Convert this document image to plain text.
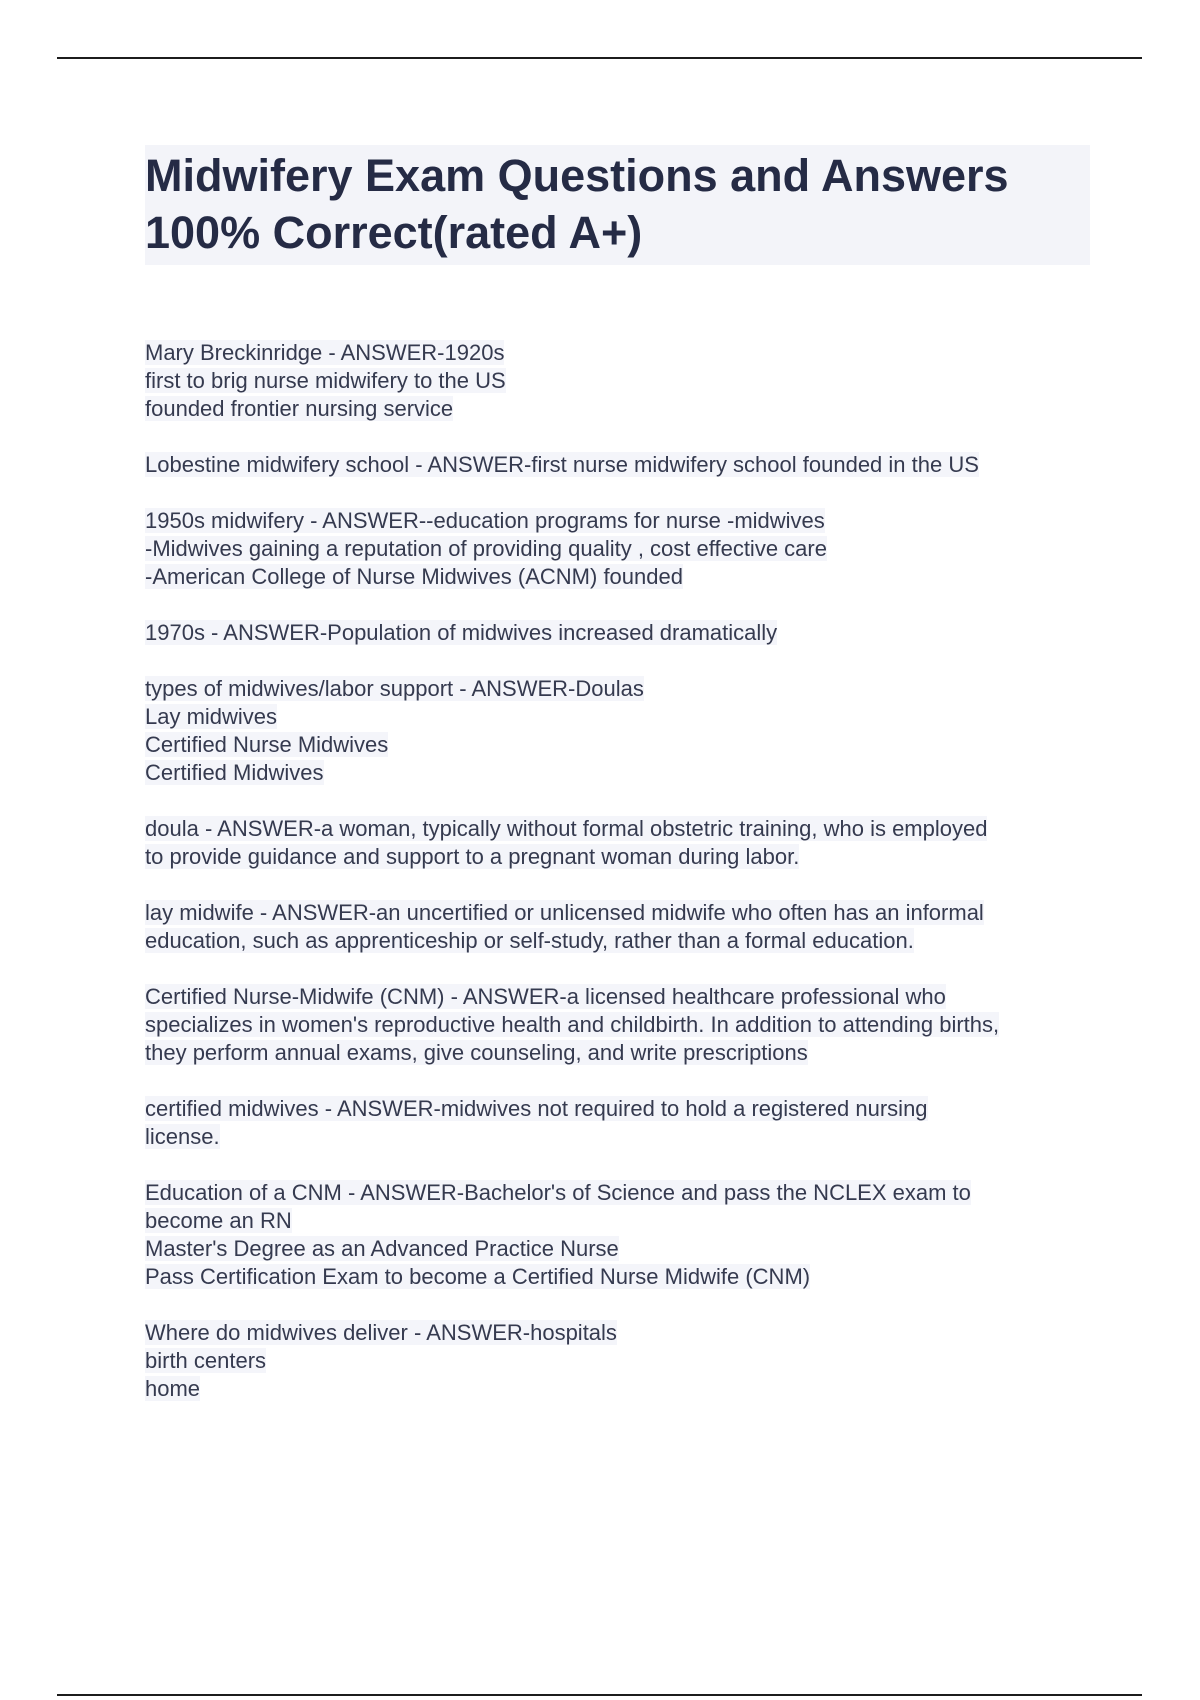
Midwifery Exam Questions and Answers
100% Correct(rated A+)
Mary Breckinridge - ANSWER-1920s
first to brig nurse midwifery to the US
founded frontier nursing service
Lobestine midwifery school - ANSWER-first nurse midwifery school founded in the US
1950s midwifery - ANSWER--education programs for nurse -midwives
-Midwives gaining a reputation of providing quality , cost effective care
-American College of Nurse Midwives (ACNM) founded
1970s - ANSWER-Population of midwives increased dramatically
types of midwives/labor support - ANSWER-Doulas
Lay midwives
Certified Nurse Midwives
Certified Midwives
doula - ANSWER-a woman, typically without formal obstetric training, who is employed
to provide guidance and support to a pregnant woman during labor.
lay midwife - ANSWER-an uncertified or unlicensed midwife who often has an informal
education, such as apprenticeship or self-study, rather than a formal education.
Certified Nurse-Midwife (CNM) - ANSWER-a licensed healthcare professional who
specializes in women's reproductive health and childbirth. In addition to attending births,
they perform annual exams, give counseling, and write prescriptions
certified midwives - ANSWER-midwives not required to hold a registered nursing
license.
Education of a CNM - ANSWER-Bachelor's of Science and pass the NCLEX exam to
become an RN
Master's Degree as an Advanced Practice Nurse
Pass Certification Exam to become a Certified Nurse Midwife (CNM)
Where do midwives deliver - ANSWER-hospitals
birth centers
home
